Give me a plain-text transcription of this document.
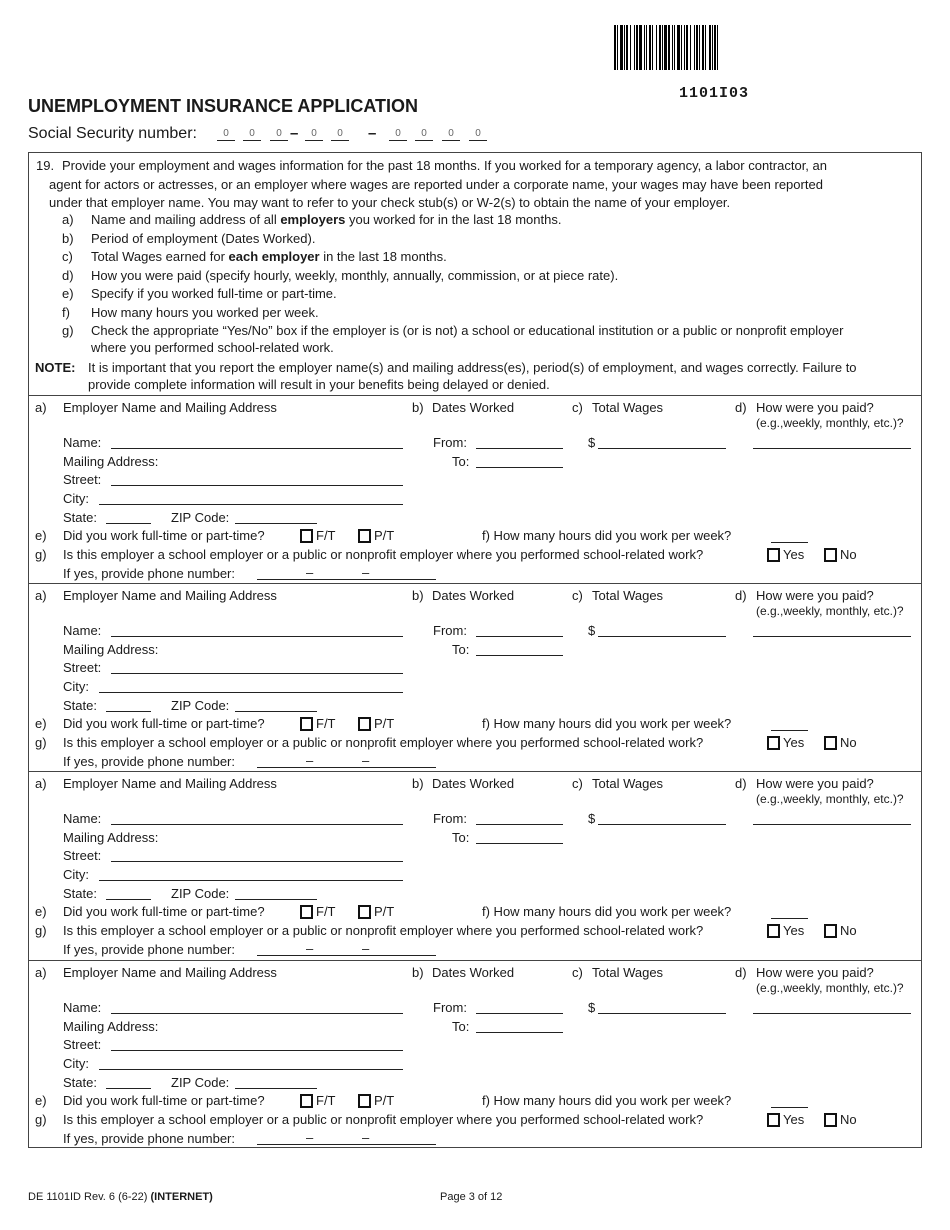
1101I03
UNEMPLOYMENT INSURANCE APPLICATION
Social Security number:	0	0	0	0	0	0	0	0	0
–	–
19. Provide your employment and wages information for the past 18 months. If you worked for a temporary agency, a labor contractor, an
agent for actors or actresses, or an employer where wages are reported under a corporate name, your wages may have been reported
under that employer name. You may want to refer to your check stub(s) or W-2(s) to obtain the name of your employer.
a) Name and mailing address of all employers you worked for in the last 18 months.
b) Period of employment (Dates Worked).
c) Total Wages earned for each employer in the last 18 months.
d) How you were paid (specify hourly, weekly, monthly, annually, commission, or at piece rate).
e) Specify if you worked full-time or part-time.
f) How many hours you worked per week.
g) Check the appropriate “Yes/No” box if the employer is (or is not) a school or educational institution or a public or nonprofit employer
where you performed school-related work.
NOTE: It is important that you report the employer name(s) and mailing address(es), period(s) of employment, and wages correctly. Failure to
provide complete information will result in your benefits being delayed or denied.
a) Employer Name and Mailing Address	b) Dates Worked	c) Total Wages	d) How were you paid?
(e.g.,weekly, monthly, etc.)?
Name:	From:	$
Mailing Address:	To:
Street:
City:
State:	ZIP Code:
e) Did you work full-time or part-time?	F/T	P/T	f) How many hours did you work per week?
g) Is this employer a school employer or a public or nonprofit employer where you performed school-related work?	Yes	No
If yes, provide phone number:	–	–
a) Employer Name and Mailing Address	b) Dates Worked	c) Total Wages	d) How were you paid?
(e.g.,weekly, monthly, etc.)?
Name:	From:	$
Mailing Address:	To:
Street:
City:
State:	ZIP Code:
e) Did you work full-time or part-time?	F/T	P/T	f) How many hours did you work per week?
g) Is this employer a school employer or a public or nonprofit employer where you performed school-related work?	Yes	No
If yes, provide phone number:	–	–
a) Employer Name and Mailing Address	b) Dates Worked	c) Total Wages	d) How were you paid?
(e.g.,weekly, monthly, etc.)?
Name:	From:	$
Mailing Address:	To:
Street:
City:
State:	ZIP Code:
e) Did you work full-time or part-time?	F/T	P/T	f) How many hours did you work per week?
g) Is this employer a school employer or a public or nonprofit employer where you performed school-related work?	Yes	No
If yes, provide phone number:	–	–
a) Employer Name and Mailing Address	b) Dates Worked	c) Total Wages	d) How were you paid?
(e.g.,weekly, monthly, etc.)?
Name:	From:	$
Mailing Address:	To:
Street:
City:
State:	ZIP Code:
e) Did you work full-time or part-time?	F/T	P/T	f) How many hours did you work per week?
g) Is this employer a school employer or a public or nonprofit employer where you performed school-related work?	Yes	No
If yes, provide phone number:	–	–
DE 1101ID Rev. 6 (6-22) (INTERNET)	Page 3 of 12
